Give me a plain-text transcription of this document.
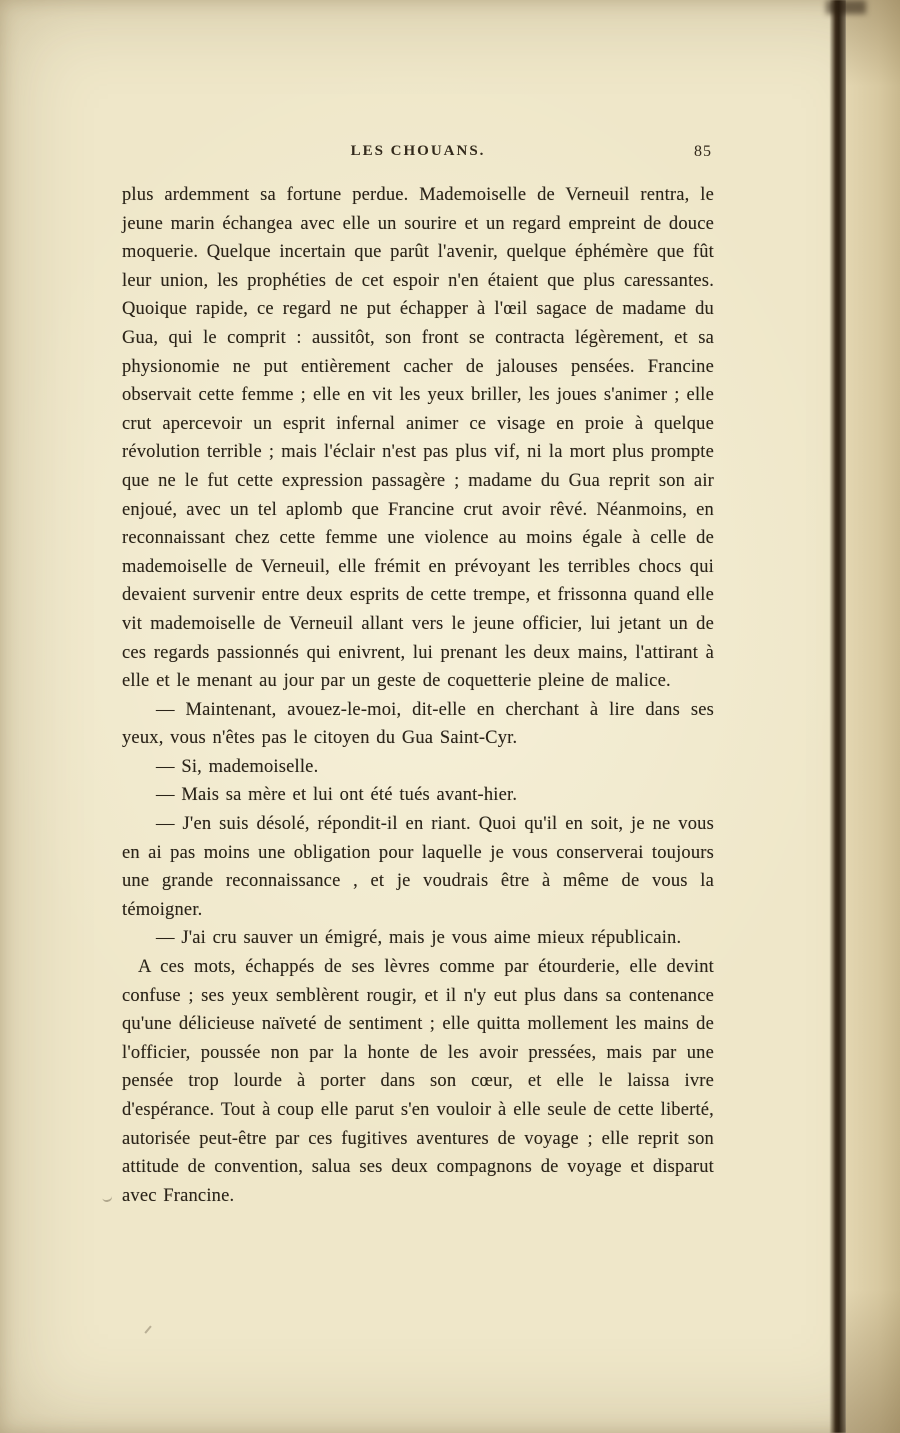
LES CHOUANS.	85
plus ardemment sa fortune perdue. Mademoiselle de Verneuil rentra, le jeune marin échangea avec elle un sourire et un regard empreint de douce moquerie. Quelque incertain que parût l'avenir, quelque éphémère que fût leur union, les prophéties de cet espoir n'en étaient que plus caressantes. Quoique rapide, ce regard ne put échapper à l'œil sagace de madame du Gua, qui le comprit : aussitôt, son front se contracta légèrement, et sa physionomie ne put entièrement cacher de jalouses pensées. Francine observait cette femme ; elle en vit les yeux briller, les joues s'animer ; elle crut apercevoir un esprit infernal animer ce visage en proie à quelque révolution terrible ; mais l'éclair n'est pas plus vif, ni la mort plus prompte que ne le fut cette expression passagère ; madame du Gua reprit son air enjoué, avec un tel aplomb que Francine crut avoir rêvé. Néanmoins, en reconnaissant chez cette femme une violence au moins égale à celle de mademoiselle de Verneuil, elle frémit en prévoyant les terribles chocs qui devaient survenir entre deux esprits de cette trempe, et frissonna quand elle vit mademoiselle de Verneuil allant vers le jeune officier, lui jetant un de ces regards passionnés qui enivrent, lui prenant les deux mains, l'attirant à elle et le menant au jour par un geste de coquetterie pleine de malice.
— Maintenant, avouez-le-moi, dit-elle en cherchant à lire dans ses yeux, vous n'êtes pas le citoyen du Gua Saint-Cyr.
— Si, mademoiselle.
— Mais sa mère et lui ont été tués avant-hier.
— J'en suis désolé, répondit-il en riant. Quoi qu'il en soit, je ne vous en ai pas moins une obligation pour laquelle je vous conserverai toujours une grande reconnaissance , et je voudrais être à même de vous la témoigner.
— J'ai cru sauver un émigré, mais je vous aime mieux républicain.
A ces mots, échappés de ses lèvres comme par étourderie, elle devint confuse ; ses yeux semblèrent rougir, et il n'y eut plus dans sa contenance qu'une délicieuse naïveté de sentiment ; elle quitta mollement les mains de l'officier, poussée non par la honte de les avoir pressées, mais par une pensée trop lourde à porter dans son cœur, et elle le laissa ivre d'espérance. Tout à coup elle parut s'en vouloir à elle seule de cette liberté, autorisée peut-être par ces fugitives aventures de voyage ; elle reprit son attitude de convention, salua ses deux compagnons de voyage et disparut avec Francine.
